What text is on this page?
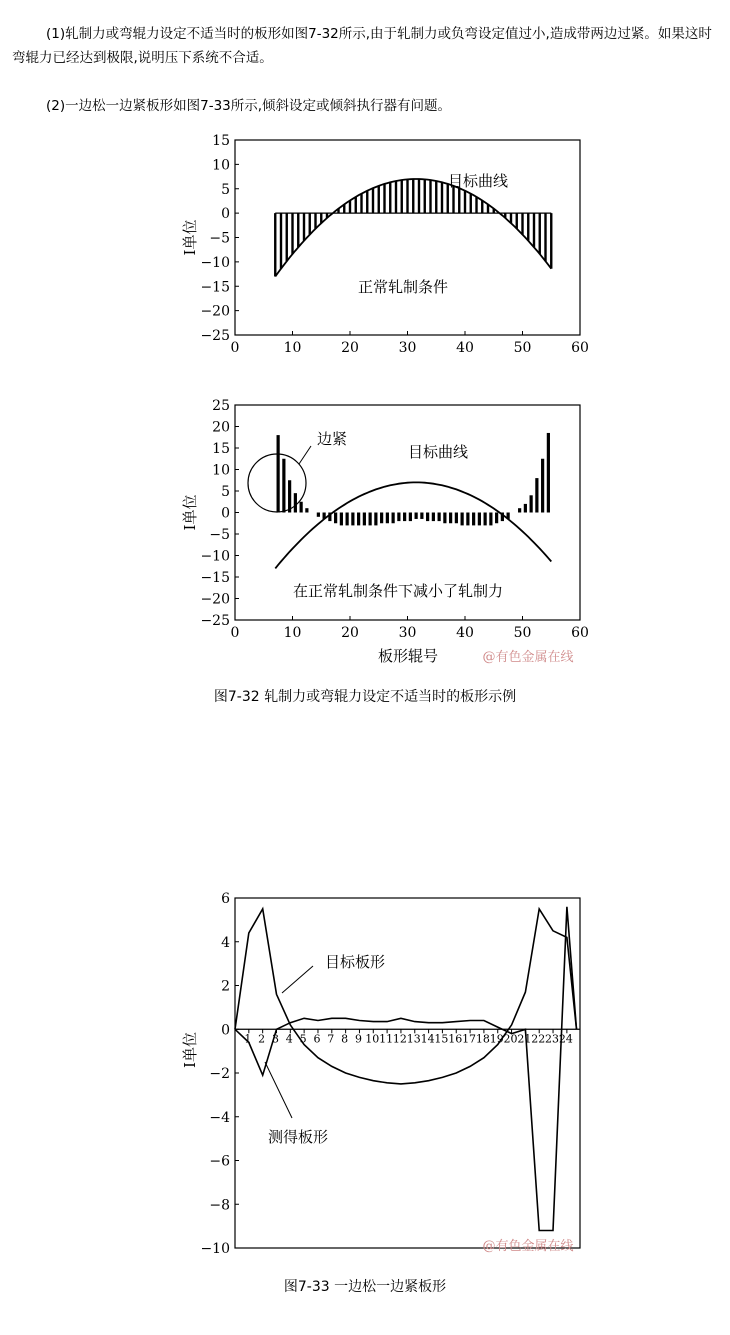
(1)轧制力或弯辊力设定不适当时的板形如图7-32所示,由于轧制力或负弯设定值过小,造成带两边过紧。如果这时弯辊力已经达到极限,说明压下系统不合适。
(2)一边松一边紧板形如图7-33所示,倾斜设定或倾斜执行器有问题。
15
10
5
0
−5
−10
−15
−20
−25
0	10	20	30	40	50	60
I单位
目标曲线
正常轧制条件
25
20
15
10
5
0
−5
−10
−15
−20
−25
0	10	20	30	40	50	60
I单位
板形辊号
边紧
目标曲线
在正常轧制条件下减小了轧制力
@有色金属在线
6
4
2
0
−2
−4
−6
−8
−10
1 2 3 4 5 6 7 8 9 10 11 12 13 14 15 16 17 18 19 20 21 22 23 24
I单位
目标板形
测得板形
@有色金属在线
图7-32 轧制力或弯辊力设定不适当时的板形示例
图7-33 一边松一边紧板形
